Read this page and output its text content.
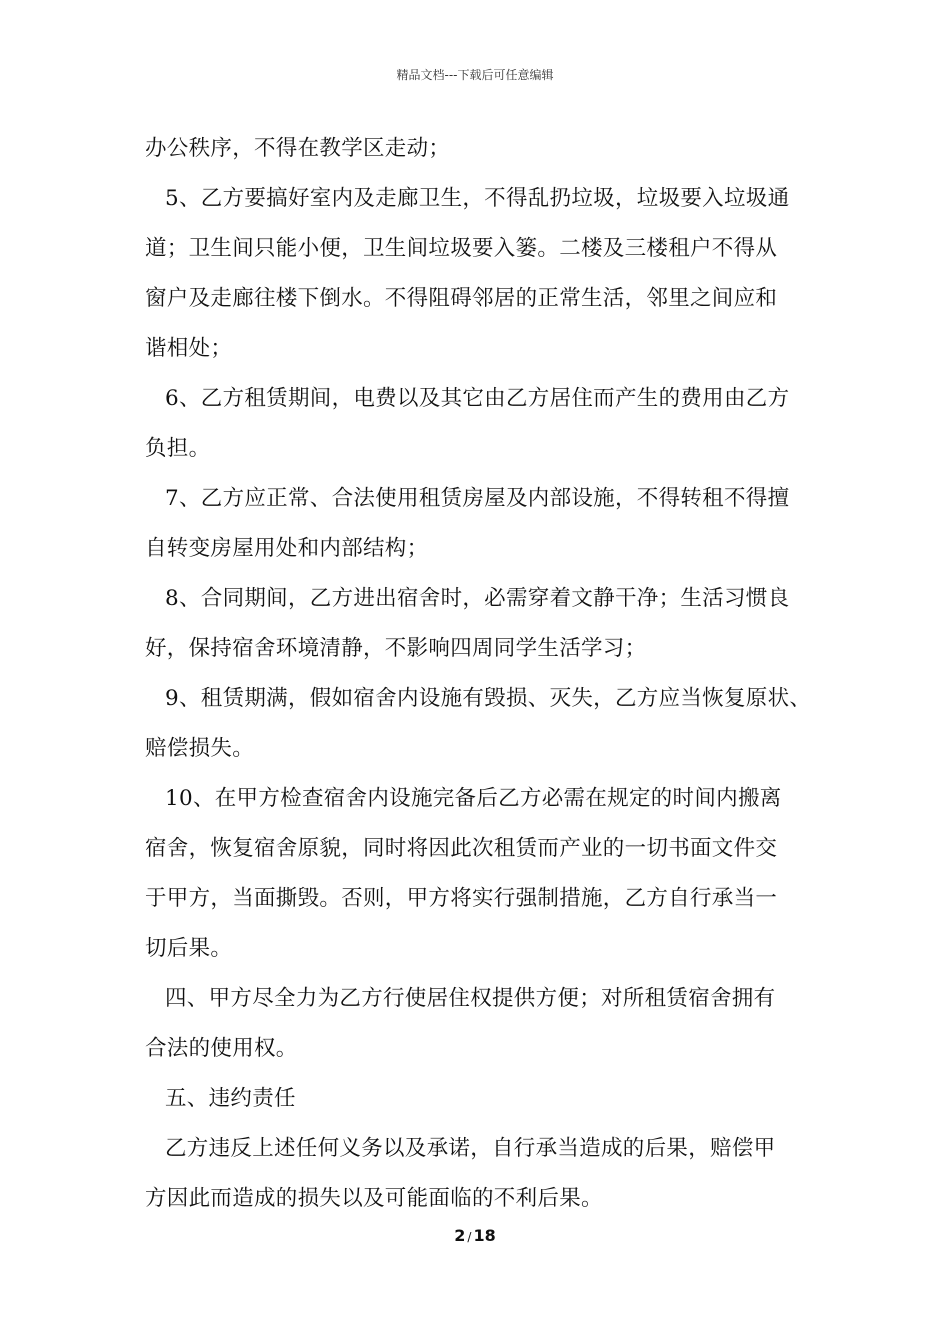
精品文档---下载后可任意编辑
办公秩序，不得在教学区走动；
5、乙方要搞好室内及走廊卫生，不得乱扔垃圾，垃圾要入垃圾通
道；卫生间只能小便，卫生间垃圾要入篓。二楼及三楼租户不得从
窗户及走廊往楼下倒水。不得阻碍邻居的正常生活，邻里之间应和
谐相处；
6、乙方租赁期间，电费以及其它由乙方居住而产生的费用由乙方
负担。
7、乙方应正常、合法使用租赁房屋及内部设施，不得转租不得擅
自转变房屋用处和内部结构；
8、合同期间，乙方进出宿舍时，必需穿着文静干净；生活习惯良
好，保持宿舍环境清静，不影响四周同学生活学习；
9、租赁期满，假如宿舍内设施有毁损、灭失，乙方应当恢复原状、
赔偿损失。
10、在甲方检查宿舍内设施完备后乙方必需在规定的时间内搬离
宿舍，恢复宿舍原貌，同时将因此次租赁而产业的一切书面文件交
于甲方，当面撕毁。否则，甲方将实行强制措施，乙方自行承当一
切后果。
四、甲方尽全力为乙方行使居住权提供方便；对所租赁宿舍拥有
合法的使用权。
五、违约责任
乙方违反上述任何义务以及承诺，自行承当造成的后果，赔偿甲
方因此而造成的损失以及可能面临的不利后果。
2 / 18
